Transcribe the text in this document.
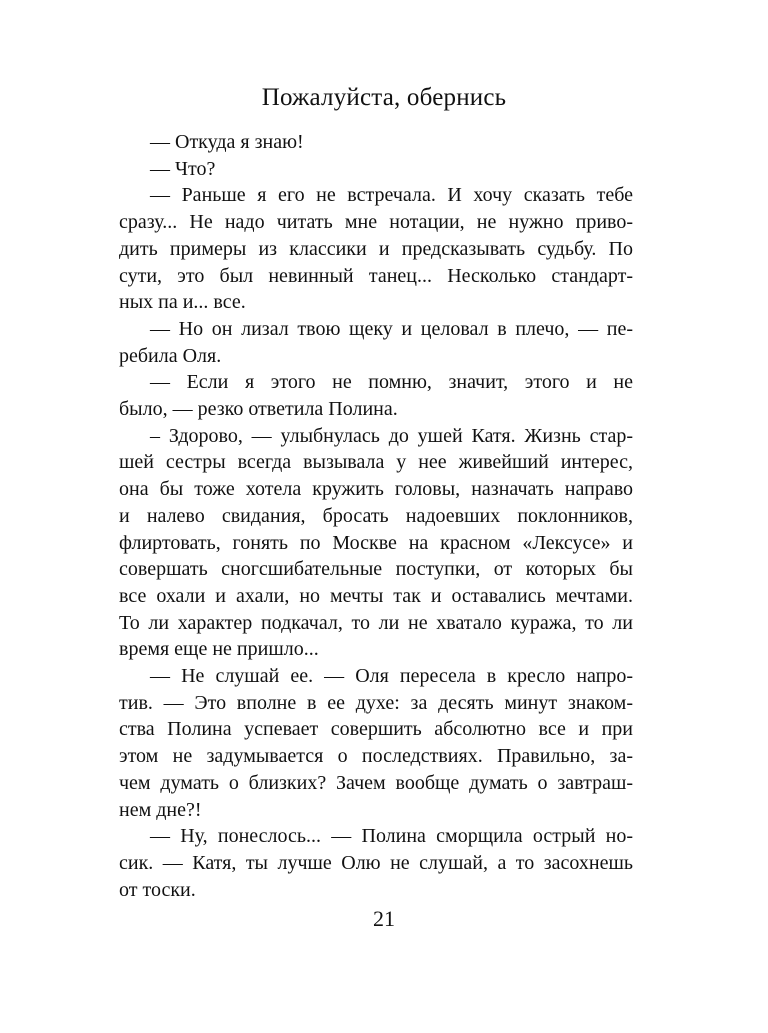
Пожалуйста, обернись
— Откуда я знаю!
— Что?
— Раньше я его не встречала. И хочу сказать тебе
сразу... Не надо читать мне нотации, не нужно приво-
дить примеры из классики и предсказывать судьбу. По
сути, это был невинный танец... Несколько стандарт-
ных па и... все.
— Но он лизал твою щеку и целовал в плечо, — пе-
ребила Оля.
— Если я этого не помню, значит, этого и не
было, — резко ответила Полина.
– Здорово, — улыбнулась до ушей Катя. Жизнь стар-
шей сестры всегда вызывала у нее живейший интерес,
она бы тоже хотела кружить головы, назначать направо
и налево свидания, бросать надоевших поклонников,
флиртовать, гонять по Москве на красном «Лексусе» и
совершать сногсшибательные поступки, от которых бы
все охали и ахали, но мечты так и оставались мечтами.
То ли характер подкачал, то ли не хватало куража, то ли
время еще не пришло...
— Не слушай ее. — Оля пересела в кресло напро-
тив. — Это вполне в ее духе: за десять минут знаком-
ства Полина успевает совершить абсолютно все и при
этом не задумывается о последствиях. Правильно, за-
чем думать о близких? Зачем вообще думать о завтраш-
нем дне?!
— Ну, понеслось... — Полина сморщила острый но-
сик. — Катя, ты лучше Олю не слушай, а то засохнешь
от тоски.
21
